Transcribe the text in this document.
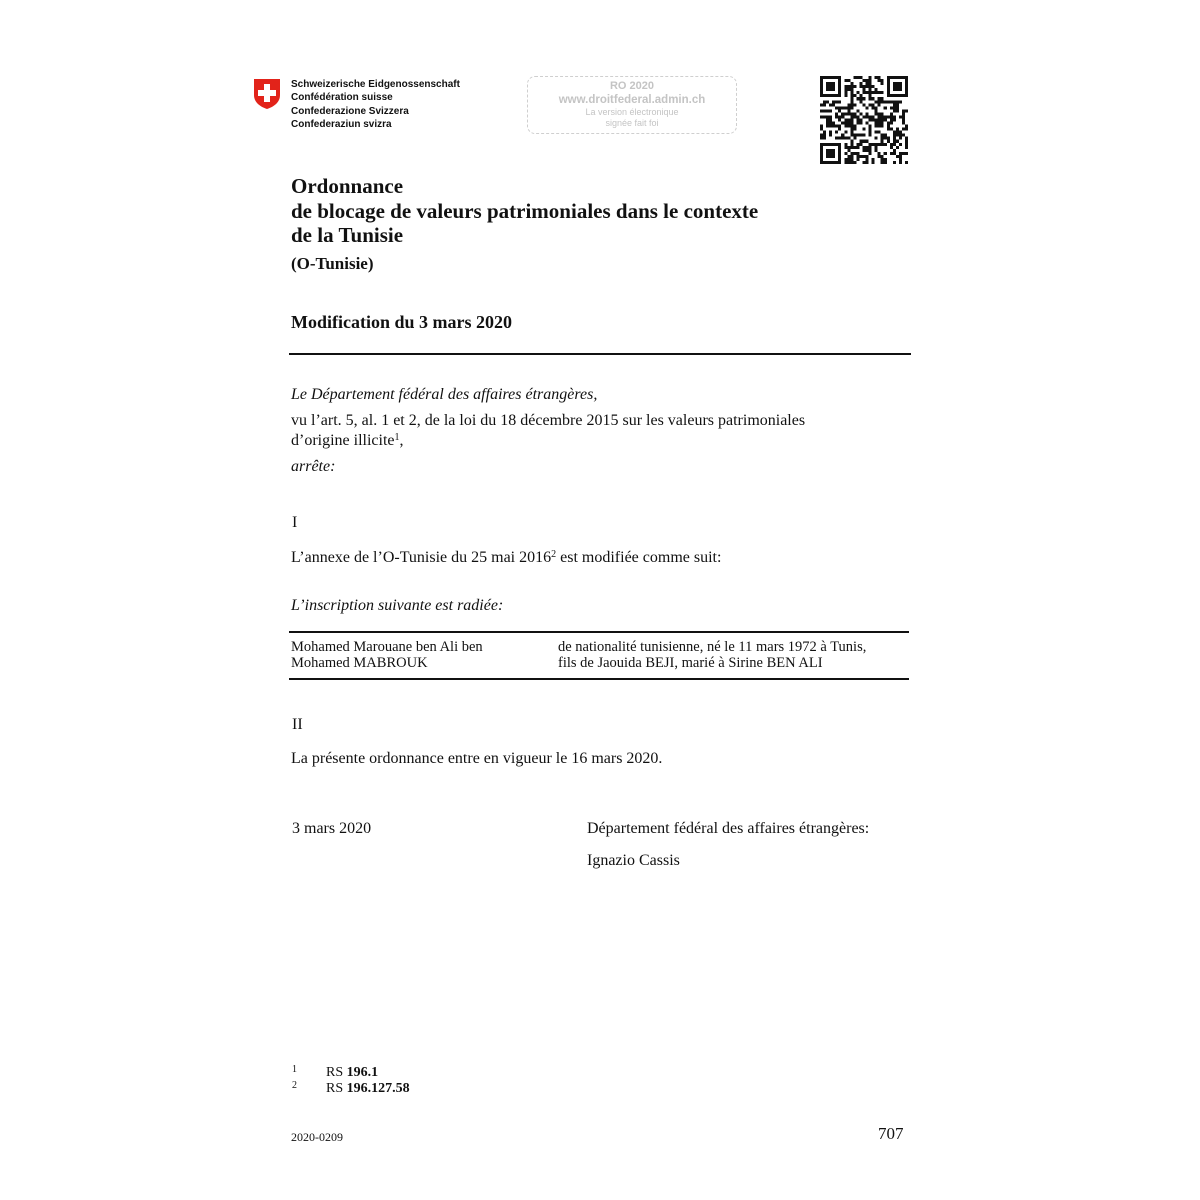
Schweizerische Eidgenossenschaft
Confédération suisse
Confederazione Svizzera
Confederaziun svizra
RO 2020
www.droitfederal.admin.ch
La version électronique
signée fait foi
Ordonnance
de blocage de valeurs patrimoniales dans le contexte
de la Tunisie
(O-Tunisie)
Modification du 3 mars 2020
Le Département fédéral des affaires étrangères,
vu l’art. 5, al. 1 et 2, de la loi du 18 décembre 2015 sur les valeurs patrimoniales
d’origine illicite$^1$,
arrête:
I
L’annexe de l’O-Tunisie du 25 mai 2016$^2$ est modifiée comme suit:
L’inscription suivante est radiée:
Mohamed Marouane ben Ali ben
Mohamed MABROUK
de nationalité tunisienne, né le 11 mars 1972 à Tunis,
fils de Jaouida BEJI, marié à Sirine BEN ALI
II
La présente ordonnance entre en vigueur le 16 mars 2020.
3 mars 2020	Département fédéral des affaires étrangères:
Ignazio Cassis
1 RS 196.1
2 RS 196.127.58
2020-0209	707
